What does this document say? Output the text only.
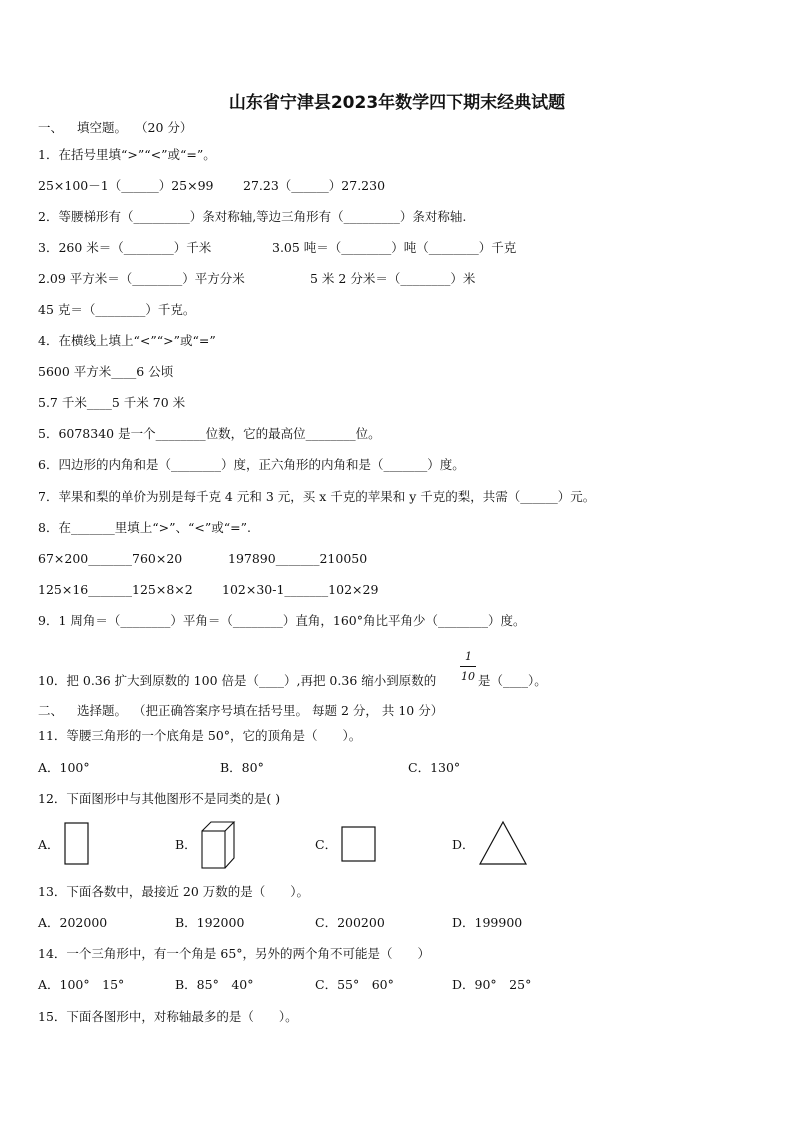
山东省宁津县2023年数学四下期末经典试题
一、 填空题。 （20 分）
1．在括号里填“>”“<”或“=”。
25×100－1（______）25×99 27.23（______）27.230
2．等腰梯形有（_________）条对称轴,等边三角形有（_________）条对称轴.
3．260 米＝（________）千米	3.05 吨＝（________）吨（________）千克
2.09 平方米＝（________）平方分米	5 米 2 分米＝（________）米
45 克＝（________）千克。
4．在横线上填上“<”“>”或“=”
5600 平方米____6 公顷
5.7 千米____5 千米 70 米
5．6078340 是一个________位数，它的最高位________位。
6．四边形的内角和是（________）度，正六角形的内角和是（_______）度。
7．苹果和梨的单价为别是每千克 4 元和 3 元，买 x 千克的苹果和 y 千克的梨，共需（______）元。
8．在_______里填上“>”、“<”或“=”.
67×200_______760×20	197890_______210050
125×16_______125×8×2 102×30-1_______102×29
9．1 周角＝（________）平角＝（________）直角，160°角比平角少（________）度。
10．把 0.36 扩大到原数的 100 倍是（____）,再把 0.36 缩小到原数的
1
10 是（____）。
二、 选择题。 （把正确答案序号填在括号里。 每题 2 分， 共 10 分）
11．等腰三角形的一个底角是 50°，它的顶角是（　　）。
A．100°	B．80°	C．130°
12．下面图形中与其他图形不是同类的是( )
A．	B．	C．	D．
13．下面各数中，最接近 20 万数的是（　　）。
A．202000	B．192000	C．200200	D．199900
14．一个三角形中，有一个角是 65°，另外的两个角不可能是（　　）
A．100°　15°	B．85°　40°	C．55°　60°	D．90°　25°
15．下面各图形中，对称轴最多的是（　　）。
